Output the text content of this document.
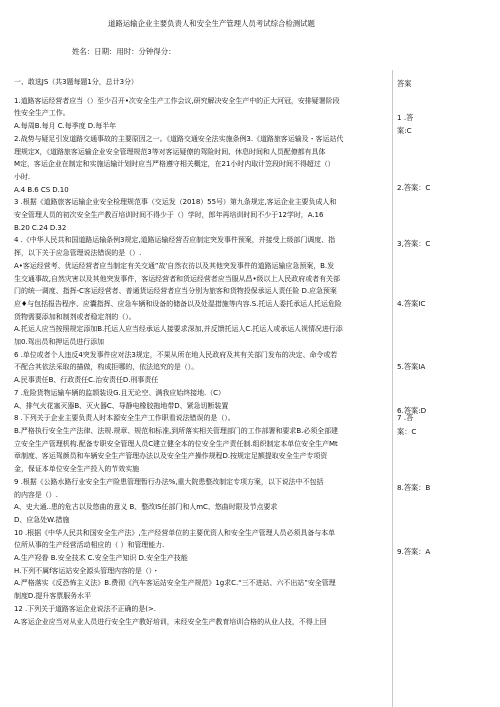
道路运输企业主要负责人和安全生产管理人员考试综合检测试题
姓名：日期：用时：分钟得分：
一、敢选JS（共3题每题1分，总计3分）
1.道路客运经营者应当（）至少召开•次安全生产工作会议,研究解决安全生产中的正大河冠，安排疑署阶段
性安全生产工作。
A.每周B.每月 C.每季度 D.每半年
2.战势与疑足引发道路交通事故的主要原因之一。《道路交通安全法实施条例3.《道路旅客运输及・客运站代
理规定X，《道路旅客运输企业安全管理规范3等对客运疑僚的驾险时间、休息时间和人员配僚都有具体
M定，客运企业在制定和实施运输计划时应当严格遵守相关概定，在21小时内取计笠段时间不得超过（）
小时.
A.4 B.6 CS D.10
3 .根据《道路旅客运输企业安全检理规范事（交运发（2018）55号）第九条规定,客运企业主要负成人和
安全管理人员的初次安全生产教百培训时间不得少于（）学时，郎年再培训时间不少于12学时，A.16
B.20 C.24 D.32
4 .《中华人民共和国道路运输条例3规定,道路运输经营否应制定突发事件预案，并接受上级部门调度、指
挥，以下关于应急管理说法错误的是（）.
A•客运经营考、优运经营者应当制定有关交通”故'自然衣彷以及其他突发事件的道路运输应急预案，B.发
生交通事故,自然灾害以及其他突发事件，客运经营者和货运经营者应当服从昌•级以上人民政府或者有关部
门的统一调度、指挥-C客运经营者、普通货运经营者应当分别为旅客和货物投保承运人责任险 D.应急预案
应♦与包括报告程序、应囊指挥、应急车辆和设备的储备以及处湿措施等内容.S.托运人委托承运人托运危险
货物需要添加和制剂或者稳定剂的（）。
A.托运人应当按照规定添加B.托运人应当经承运人接要求深加,并反馈托运人C.托运人或承运人视情况进行添
加0.驾出员和押运员进行添加
6 .单位或者个人违反4突发事件应对法3规定，不果从所在地人民政府及其有关部门发布的决定、命令或若
不配合其依法采取的描做，构成拒哪的，依法追究的是（）。
A.民事责任B、行政责任C.治安责任D.刑事责任
7 .危险货物运输车辆的监颉装设G.且无论空、满我应始终接地.（C）
A、排气火花塞灭器B、灭火器C、导静电橡胶拖地带D、紧急切断装置
8 .下列关于企业主要负责人时本源安全生产工作职看说法错误的是（）。
B.严格执行安全生产法律、法规.规章、规范和标准,到所落实相关管理部门的工作部署和要求B.必须全部建
立安全生产管理机构.配备专职安全管理人员C建立健全本的位安全生产责任制.组织制定本单位安全生产Mt
章制度、客运驾颜员和车辆安全生产管理办法以及安全生产操作规程D.按规定足额提取安全生产专项资
金，保证本单位安全生产投入的节效实施
9 .根据《公路水路行业安全生产险患管理暂行办法%,重大院患整改制定专项方案，以下说法中不包括
的内容是（）.
A、史大通..患的危古以及悠曲的意义 B、整改IS任部门和人mC、悠曲时限及节点要求
D、应急处W.措施
10 .根据《中华人民共和国安全生产法》,生产经营单位的主要优资人和安全生产管理人员必须具备与本单
位所从事的生产经营活动相应的（ ）和管理能力.
A.生产羟眷 B.安全技术 C.安全生产知识 D.安全生产技能
H.下列不属f客运站安全源头管理内容的是（）・
A.严格落实《反恐怖主义法》B.费彻《汽车客运站安全生产规范》1g求C.“三不进站、六不出站”安全管理
制度D.提升客票服务水平
12 .下列关于道路客运企业说法不正确的是(>.
A.客运企业应当对从业人员进行安全生产教好培训，未经安全生产教育培训合格的从业人技，不得上回
答案
1 .答
案:C
2.答案：C
3,答案：C
4.答案IC
5.答案IA
6.答案:D
7 .答
案：C
8.答案：B
9.答案：A
